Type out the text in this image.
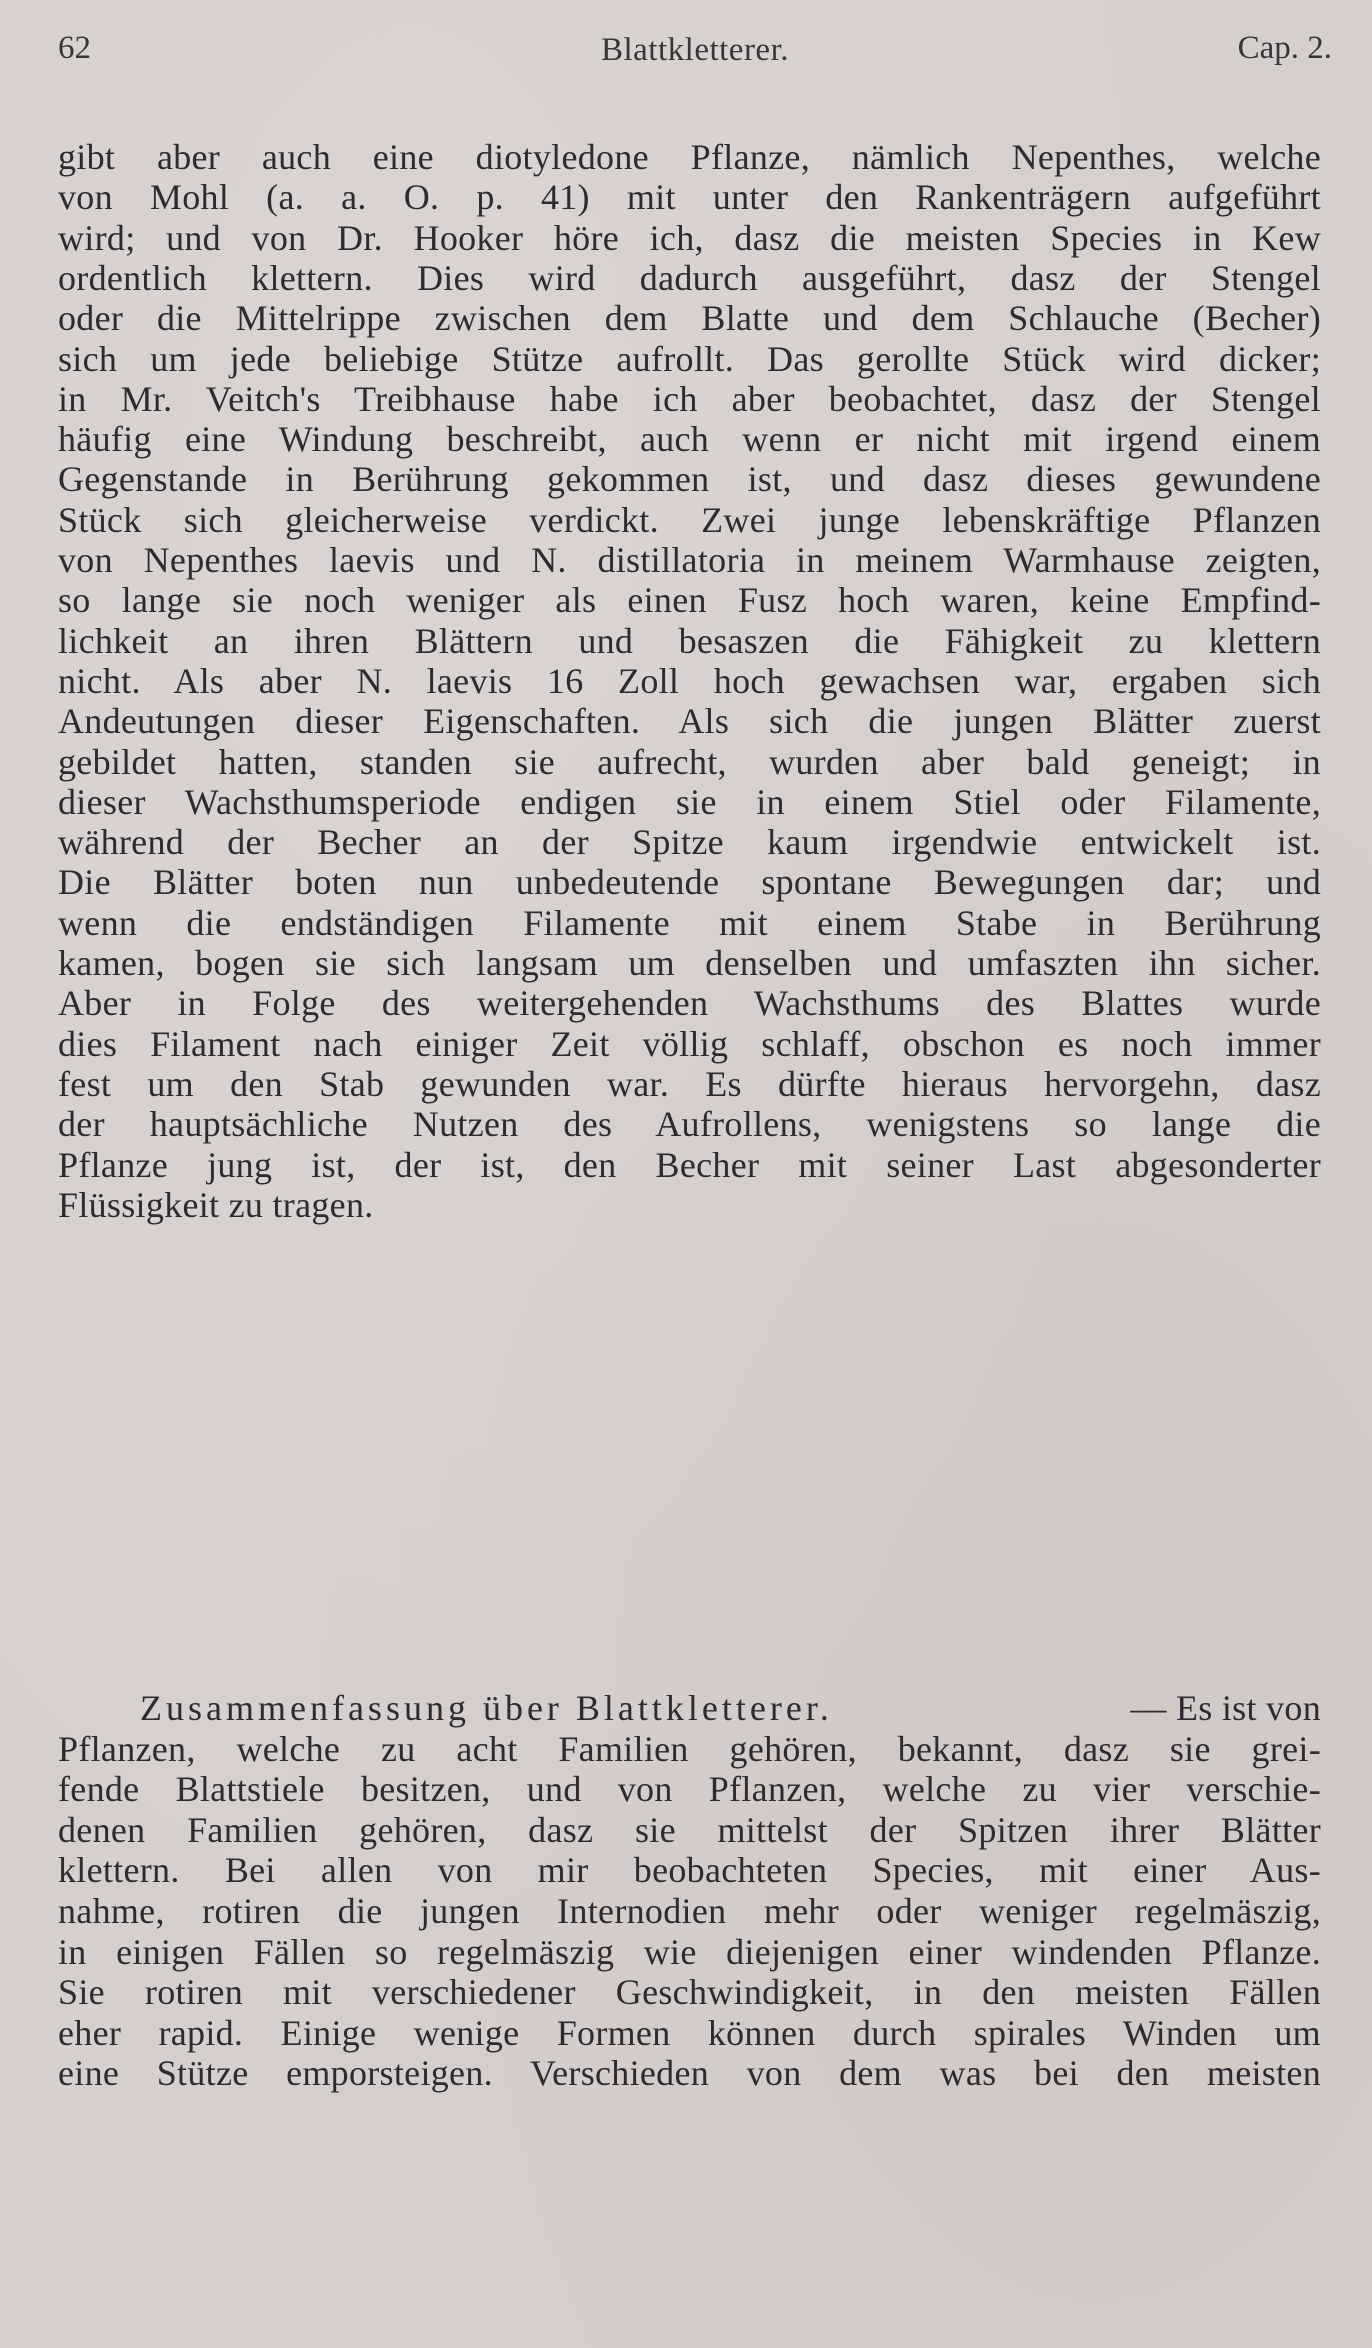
62	Blattkletterer.	Cap. 2.
gibt aber auch eine diotyledone Pflanze, nämlich Nepenthes, welche
von Mohl (a. a. O. p. 41) mit unter den Rankenträgern aufgeführt
wird; und von Dr. Hooker höre ich, dasz die meisten Species in Kew
ordentlich klettern. Dies wird dadurch ausgeführt, dasz der Stengel
oder die Mittelrippe zwischen dem Blatte und dem Schlauche (Becher)
sich um jede beliebige Stütze aufrollt. Das gerollte Stück wird dicker;
in Mr. Veitch's Treibhause habe ich aber beobachtet, dasz der Stengel
häufig eine Windung beschreibt, auch wenn er nicht mit irgend einem
Gegenstande in Berührung gekommen ist, und dasz dieses gewundene
Stück sich gleicherweise verdickt. Zwei junge lebenskräftige Pflanzen
von Nepenthes laevis und N. distillatoria in meinem Warmhause zeigten,
so lange sie noch weniger als einen Fusz hoch waren, keine Empfind-
lichkeit an ihren Blättern und besaszen die Fähigkeit zu klettern
nicht. Als aber N. laevis 16 Zoll hoch gewachsen war, ergaben sich
Andeutungen dieser Eigenschaften. Als sich die jungen Blätter zuerst
gebildet hatten, standen sie aufrecht, wurden aber bald geneigt; in
dieser Wachsthumsperiode endigen sie in einem Stiel oder Filamente,
während der Becher an der Spitze kaum irgendwie entwickelt ist.
Die Blätter boten nun unbedeutende spontane Bewegungen dar; und
wenn die endständigen Filamente mit einem Stabe in Berührung
kamen, bogen sie sich langsam um denselben und umfaszten ihn sicher.
Aber in Folge des weitergehenden Wachsthums des Blattes wurde
dies Filament nach einiger Zeit völlig schlaff, obschon es noch immer
fest um den Stab gewunden war. Es dürfte hieraus hervorgehn, dasz
der hauptsächliche Nutzen des Aufrollens, wenigstens so lange die
Pflanze jung ist, der ist, den Becher mit seiner Last abgesonderter
Flüssigkeit zu tragen.
Zusammenfassung über Blattkletterer.	— Es ist von
Pflanzen, welche zu acht Familien gehören, bekannt, dasz sie grei-
fende Blattstiele besitzen, und von Pflanzen, welche zu vier verschie-
denen Familien gehören, dasz sie mittelst der Spitzen ihrer Blätter
klettern. Bei allen von mir beobachteten Species, mit einer Aus-
nahme, rotiren die jungen Internodien mehr oder weniger regelmäszig,
in einigen Fällen so regelmäszig wie diejenigen einer windenden Pflanze.
Sie rotiren mit verschiedener Geschwindigkeit, in den meisten Fällen
eher rapid. Einige wenige Formen können durch spirales Winden um
eine Stütze emporsteigen. Verschieden von dem was bei den meisten
